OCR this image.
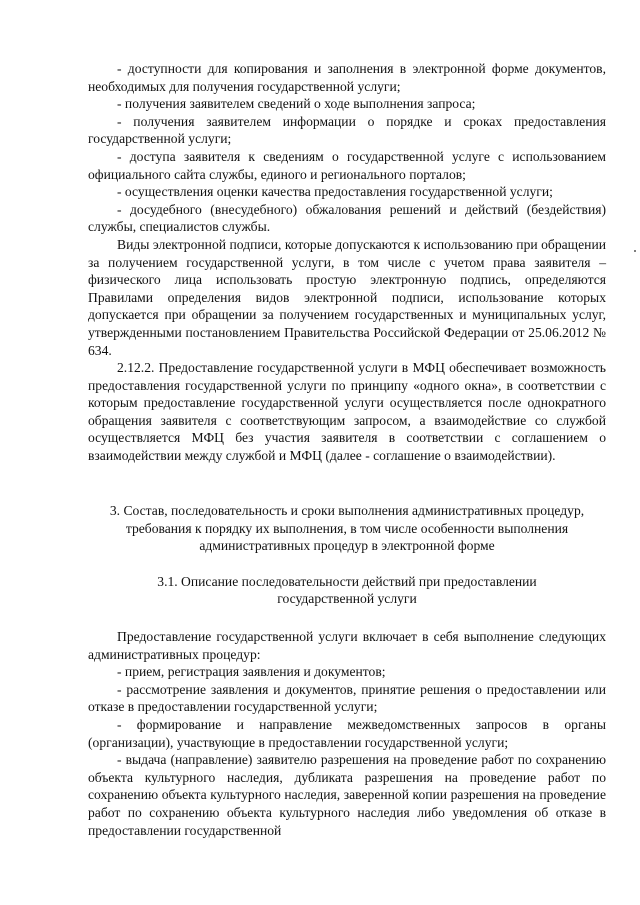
- доступности для копирования и заполнения в электронной форме документов, необходимых для получения государственной услуги;

- получения заявителем сведений о ходе выполнения запроса;

- получения заявителем информации о порядке и сроках предоставления государственной услуги;

- доступа заявителя к сведениям о государственной услуге с использованием официального сайта службы, единого и регионального порталов;

- осуществления оценки качества предоставления государственной услуги;

- досудебного (внесудебного) обжалования решений и действий (бездействия) службы, специалистов службы.

Виды электронной подписи, которые допускаются к использованию при обращении за получением государственной услуги, в том числе с учетом права заявителя – физического лица использовать простую электронную подпись, определяются Правилами определения видов электронной подписи, использование которых допускается при обращении за получением государственных и муниципальных услуг, утвержденными постановлением Правительства Российской Федерации от 25.06.2012 № 634.

2.12.2. Предоставление государственной услуги в МФЦ обеспечивает возможность предоставления государственной услуги по принципу «одного окна», в соответствии с которым предоставление государственной услуги осуществляется после однократного обращения заявителя с соответствующим запросом, а взаимодействие со службой осуществляется МФЦ без участия заявителя в соответствии с соглашением о взаимодействии между службой и МФЦ (далее - соглашение о взаимодействии).

3. Состав, последовательность и сроки выполнения административных процедур, требования к порядку их выполнения, в том числе особенности выполнения административных процедур в электронной форме
3.1. Описание последовательности действий при предоставлении государственной услуги

Предоставление государственной услуги включает в себя выполнение следующих административных процедур:

- прием, регистрация заявления и документов;

- рассмотрение заявления и документов, принятие решения о предоставлении или отказе в предоставлении государственной услуги;

- формирование и направление межведомственных запросов в органы (организации), участвующие в предоставлении государственной услуги;

- выдача (направление) заявителю разрешения на проведение работ по сохранению объекта культурного наследия, дубликата разрешения на проведение работ по сохранению объекта культурного наследия, заверенной копии разрешения на проведение работ по сохранению объекта культурного наследия либо уведомления об отказе в предоставлении государственной
